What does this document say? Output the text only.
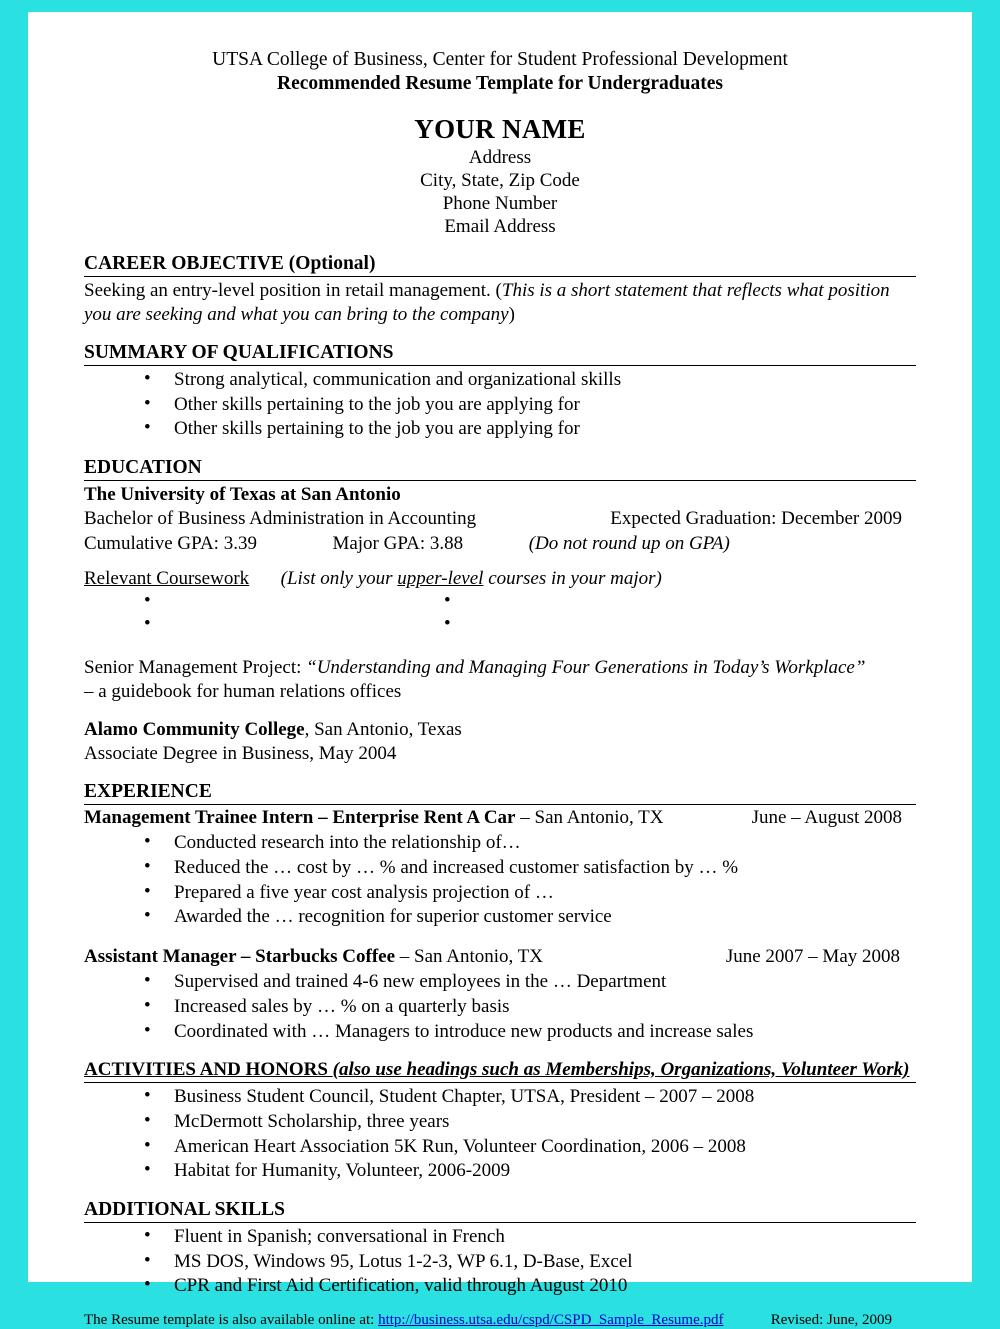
UTSA College of Business, Center for Student Professional Development
Recommended Resume Template for Undergraduates
YOUR NAME
Address
City, State, Zip Code
Phone Number
Email Address
CAREER OBJECTIVE (Optional)
Seeking an entry-level position in retail management. (This is a short statement that reflects what position you are seeking and what you can bring to the company)
SUMMARY OF QUALIFICATIONS
• Strong analytical, communication and organizational skills
• Other skills pertaining to the job you are applying for
• Other skills pertaining to the job you are applying for
EDUCATION
The University of Texas at San Antonio
Bachelor of Business Administration in Accounting	Expected Graduation: December 2009
Cumulative GPA: 3.39	Major GPA: 3.88	(Do not round up on GPA)
Relevant Coursework (List only your upper-level courses in your major)
•
•
•
•
Senior Management Project: “Understanding and Managing Four Generations in Today’s Workplace”
– a guidebook for human relations offices
Alamo Community College, San Antonio, Texas
Associate Degree in Business, May 2004
EXPERIENCE
Management Trainee Intern – Enterprise Rent A Car – San Antonio, TX	June – August 2008
• Conducted research into the relationship of…
• Reduced the … cost by … % and increased customer satisfaction by … %
• Prepared a five year cost analysis projection of …
• Awarded the … recognition for superior customer service
Assistant Manager – Starbucks Coffee – San Antonio, TX	June 2007 – May 2008
• Supervised and trained 4-6 new employees in the … Department
• Increased sales by … % on a quarterly basis
• Coordinated with … Managers to introduce new products and increase sales
ACTIVITIES AND HONORS (also use headings such as Memberships, Organizations, Volunteer Work)
• Business Student Council, Student Chapter, UTSA, President – 2007 – 2008
• McDermott Scholarship, three years
• American Heart Association 5K Run, Volunteer Coordination, 2006 – 2008
• Habitat for Humanity, Volunteer, 2006-2009
ADDITIONAL SKILLS
• Fluent in Spanish; conversational in French
• MS DOS, Windows 95, Lotus 1-2-3, WP 6.1, D-Base, Excel
• CPR and First Aid Certification, valid through August 2010
The Resume template is also available online at: http://business.utsa.edu/cspd/CSPD_Sample_Resume.pdf	Revised: June, 2009
